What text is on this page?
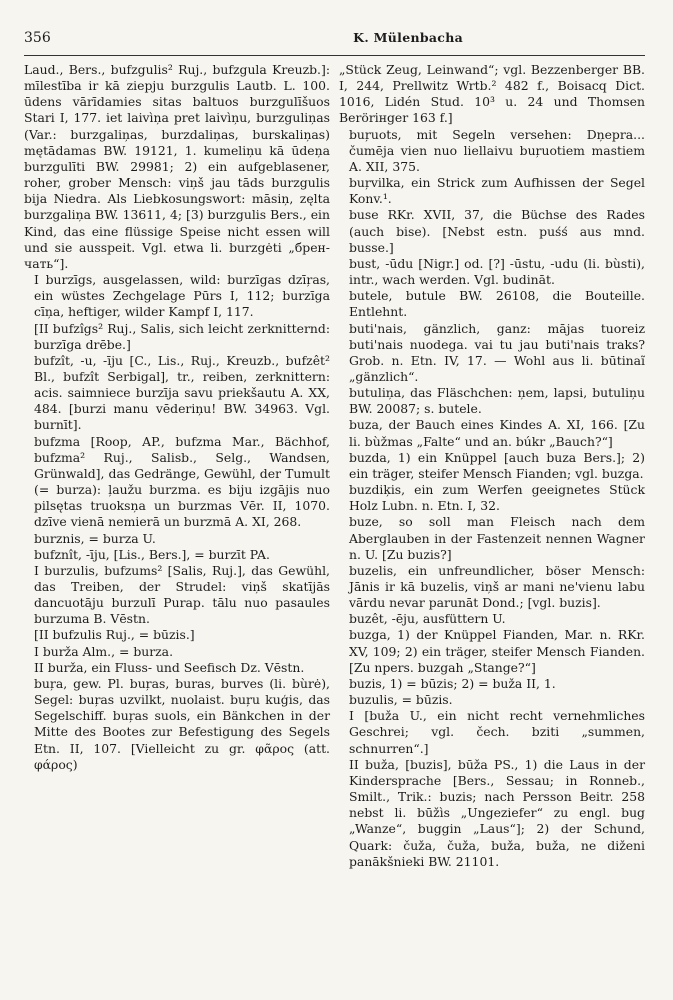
356	K. Mülenbacha

Laud., Bers., bufzgulis² Ruj., bufzgula Kreuzb.]: mīlestība ir kā ziepju burzgulis Lautb. L. 100. ūdens vārīdamies sitas baltuos burzgulīšuos Stari I, 177. iet laivìņa pret laivìņu, burzguliņas (Var.: burzgaliņas, burzdaliņas, burskaliņas) mętādamas BW. 19121, 1. kumeliņu kā ūdeņa burzgulīti BW. 29981; 2) ein aufgeblasener, roher, grober Mensch: viņš jau tāds burzgulis bija Niedra. Als Liebkosungswort: māsiņ, zęlta burzgaliņa BW. 13611, 4; [3) burzgulis Bers., ein Kind, das eine flüssige Speise nicht essen will und sie ausspeit. Vgl. etwa li. burzgėti „брен-чать“].

I burzīgs, ausgelassen, wild: burzīgas dzīŗas, ein wüstes Zechgelage Pūrs I, 112; burzīga cīņa, heftiger, wilder Kampf I, 117.

[II bufzîgs² Ruj., Salis, sich leicht zerknitternd: burzīga drēbe.]

bufzît, -u, -īju [C., Lis., Ruj., Kreuzb., bufzêt² Bl., bufzît Serbigal], tr., reiben, zerknittern: acis. saimniece burzīja savu priekšautu A. XX, 484. [burzi manu vēderiņu! BW. 34963. Vgl. burnīt].

bufzma [Roop, AP., bufzma Mar., Bächhof, bufzma² Ruj., Salisb., Selg., Wandsen, Grünwald], das Gedränge, Gewühl, der Tumult (= burza): ļaužu burzma. es biju izgājis nuo pilsętas truoksņa un burzmas Vēr. II, 1070. dzīve vienā nemierā un burzmā A. XI, 268.

burznis, = burza U.

bufznît, -īju, [Lis., Bers.], = burzīt PA.

I burzulis, bufzums² [Salis, Ruj.], das Gewühl, das Treiben, der Strudel: viņš skatījās dancuotāju burzulī Purap. tālu nuo pasaules burzuma B. Vēstn.

[II bufzulis Ruj., = būzis.]

I burža Alm., = burza.

II burža, ein Fluss- und Seefisch Dz. Vēstn.

buŗa, gew. Pl. buŗas, buras, burves (li. bùrė), Segel: buŗas uzvilkt, nuolaist. buŗu kuģis, das Segelschiff. buŗas suols, ein Bänkchen in der Mitte des Bootes zur Befestigung des Segels Etn. II, 107. [Vielleicht zu gr. φᾶρος (att. φάρος)

„Stück Zeug, Leinwand“; vgl. Bezzenberger BB. I, 244, Prellwitz Wrtb.² 482 f., Boisacq Dict. 1016, Lidén Stud. 10³ u. 24 und Thomsen Berörінger 163 f.]

buŗuots, mit Segeln versehen: Dņepra... čumēja vien nuo liellaivu buŗuotiem mastiem A. XII, 375.

buŗvilka, ein Strick zum Aufhissen der Segel Konv.¹.

buse RKr. XVII, 37, die Büchse des Rades (auch bise). [Nebst estn. puśś aus mnd. busse.]

bust, -ūdu [Nigr.] od. [?] -ūstu, -udu (li. bùsti), intr., wach werden. Vgl. budināt.

butele, butule BW. 26108, die Bouteille. Entlehnt.

buti'nais, gänzlich, ganz: mājas tuoreiz buti'nais nuodega. vai tu jau buti'nais traks? Grob. n. Etn. IV, 17. — Wohl aus li. būtinaĩ „gänzlich“.

butuliņa, das Fläschchen: ņem, lapsi, butuliņu BW. 20087; s. butele.

buza, der Bauch eines Kindes A. XI, 166. [Zu li. bùžmas „Falte“ und an. búkr „Bauch?“]

buzda, 1) ein Knüppel [auch buza Bers.]; 2) ein träger, steifer Mensch Fianden; vgl. buzga.

buzdiķis, ein zum Werfen geeignetes Stück Holz Lubn. n. Etn. I, 32.

buze, so soll man Fleisch nach dem Aberglauben in der Fastenzeit nennen Wagner n. U. [Zu buzis?]

buzelis, ein unfreundlicher, böser Mensch: Jānis ir kā buzelis, viņš ar mani ne'vienu labu vārdu nevar parunāt Dond.; [vgl. buzis].

buzêt, -ēju, ausfüttern U.

buzga, 1) der Knüppel Fianden, Mar. n. RKr. XV, 109; 2) ein träger, steifer Mensch Fianden. [Zu npers. buzgah „Stange?“]

buzis, 1) = būzis; 2) = buža II, 1.

buzulis, = būzis.

I [buža U., ein nicht recht vernehmliches Geschrei; vgl. čech. bziti „summen, schnurren“.]

II buža, [buzis], būža PS., 1) die Laus in der Kindersprache [Bers., Sessau; in Ronneb., Smilt., Trik.: buzis; nach Persson Beitr. 258 nebst li. būžìs „Ungeziefer“ zu engl. bug „Wanze“, buggin „Laus“]; 2) der Schund, Quark: čuža, čuža, buža, buža, ne diženi panākšnieki BW. 21101.
